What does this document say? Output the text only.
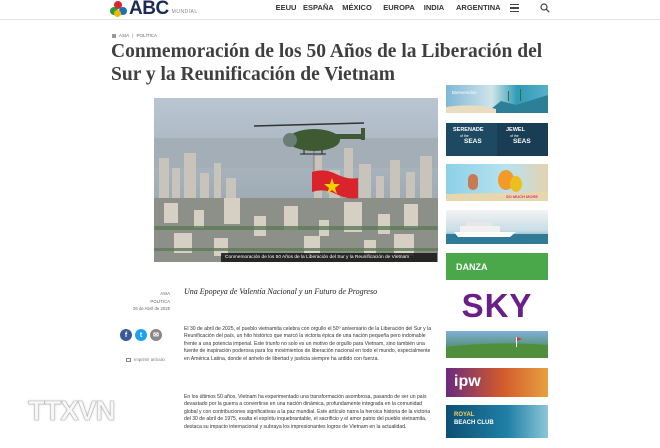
ABC MUNDIAL	EEUU ESPAÑA MÉXICO EUROPA INDIA ARGENTINA
ASIA | POLÍTICA
Conmemoración de los 50 Años de la Liberación del Sur y la Reunificación de Vietnam
Conmemoración de los 50 Años de la Liberación del Sur y la Reunificación de Vietnam
ASIA
POLÍTICA
26 de Abril de 2025
f	t	✉
Imprimir artículo

Una Epopeya de Valentía Nacional y un Futuro de Progreso

El 30 de abril de 2025, el pueblo vietnamita celebra con orgullo el 50º aniversario de la Liberación del Sur y la Reunificación del país, un hito histórico que marcó la victoria épica de una nación pequeña pero indomable frente a una potencia imperial. Este triunfo no solo es un motivo de orgullo para Vietnam, sino también una fuente de inspiración poderosa para los movimientos de liberación nacional en todo el mundo, especialmente en América Latina, donde el anhelo de libertad y justicia siempre ha ardido con fuerza.

En los últimos 50 años, Vietnam ha experimentado una transformación asombrosa, pasando de ser un país devastado por la guerra a convertirse en una nación dinámica, profundamente integrada en la comunidad global y con contribuciones significativas a la paz mundial. Este artículo narra la heroica historia de la victoria del 30 de abril de 1975, exalta el espíritu inquebrantable, el sacrificio y el amor patrio del pueblo vietnamita, destaca su impacto internacional y subraya los impresionantes logros de Vietnam en la actualidad.

TTXVN
Bienvenidos
SERENADE
of the
SEAS
JEWEL
of the
SEAS
SO MUCH MORE
DANZA
SKY
ipw
ROYAL
BEACH CLUB
